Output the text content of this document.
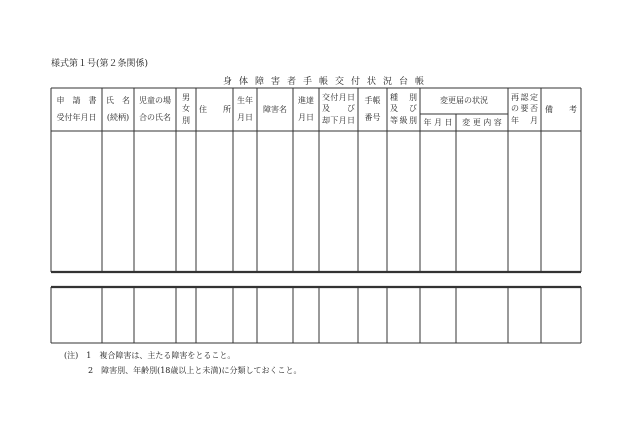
様式第１号(第２条関係)
身体障害者手帳交付状況台帳
申　請　書
受付年月日
氏　名
(続柄)
児童の場
合の氏名
男
女
別
住　　所
生年
月日
障害名
進達
月日
交付月日
及　　び
却下月日
手帳
番号
種　別
及　び
等級別
変更届の状況	再認定
の要否
年　月
備　　考
年 月 日	変 更 内 容
(注)　1　複合障害は、主たる障害をとること。
　　　2　障害別、年齢別(18歳以上と未満)に分類しておくこと。
